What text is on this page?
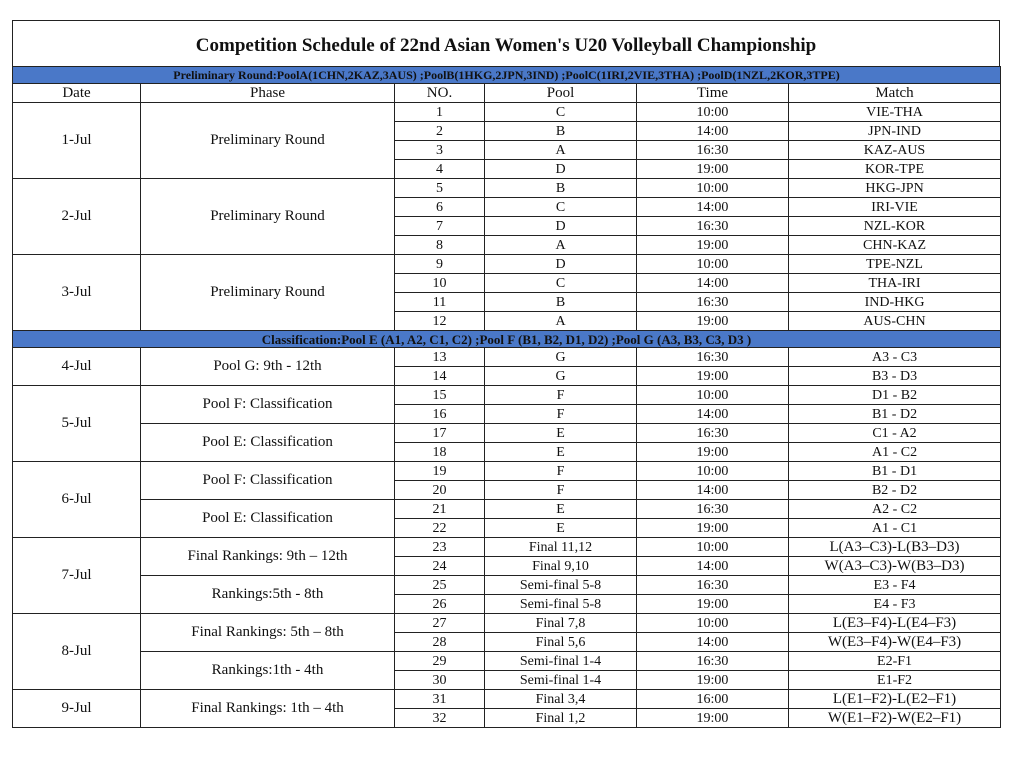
Competition Schedule of 22nd Asian Women's U20 Volleyball Championship
Preliminary Round:PoolA(1CHN,2KAZ,3AUS) ;PoolB(1HKG,2JPN,3IND) ;PoolC(1IRI,2VIE,3THA) ;PoolD(1NZL,2KOR,3TPE)					
Date	Phase	NO.	Pool	Time	Match
1-Jul	Preliminary Round	1	C	10:00	VIE-THA
		2	B	14:00	JPN-IND
		3	A	16:30	KAZ-AUS
		4	D	19:00	KOR-TPE
2-Jul	Preliminary Round	5	B	10:00	HKG-JPN
		6	C	14:00	IRI-VIE
		7	D	16:30	NZL-KOR
		8	A	19:00	CHN-KAZ
3-Jul	Preliminary Round	9	D	10:00	TPE-NZL
		10	C	14:00	THA-IRI
		11	B	16:30	IND-HKG
		12	A	19:00	AUS-CHN
Classification:Pool E (A1, A2, C1, C2) ;Pool F (B1, B2, D1, D2) ;Pool G (A3, B3, C3, D3 )					
4-Jul	Pool G: 9th - 12th	13	G	16:30	A3 - C3
		14	G	19:00	B3 - D3
5-Jul	Pool F: Classification	15	F	10:00	D1 - B2
		16	F	14:00	B1 - D2
	Pool E: Classification	17	E	16:30	C1 - A2
		18	E	19:00	A1 - C2
6-Jul	Pool F: Classification	19	F	10:00	B1 - D1
		20	F	14:00	B2 - D2
	Pool E: Classification	21	E	16:30	A2 - C2
		22	E	19:00	A1 - C1
7-Jul	Final Rankings: 9th – 12th	23	Final 11,12	10:00	L(A3–C3)-L(B3–D3)
		24	Final 9,10	14:00	W(A3–C3)-W(B3–D3)
	Rankings:5th - 8th	25	Semi-final 5-8	16:30	E3 - F4
		26	Semi-final 5-8	19:00	E4 - F3
8-Jul	Final Rankings: 5th – 8th	27	Final 7,8	10:00	L(E3–F4)-L(E4–F3)
		28	Final 5,6	14:00	W(E3–F4)-W(E4–F3)
	Rankings:1th - 4th	29	Semi-final 1-4	16:30	E2-F1
		30	Semi-final 1-4	19:00	E1-F2
9-Jul	Final Rankings: 1th – 4th	31	Final 3,4	16:00	L(E1–F2)-L(E2–F1)
		32	Final 1,2	19:00	W(E1–F2)-W(E2–F1)
